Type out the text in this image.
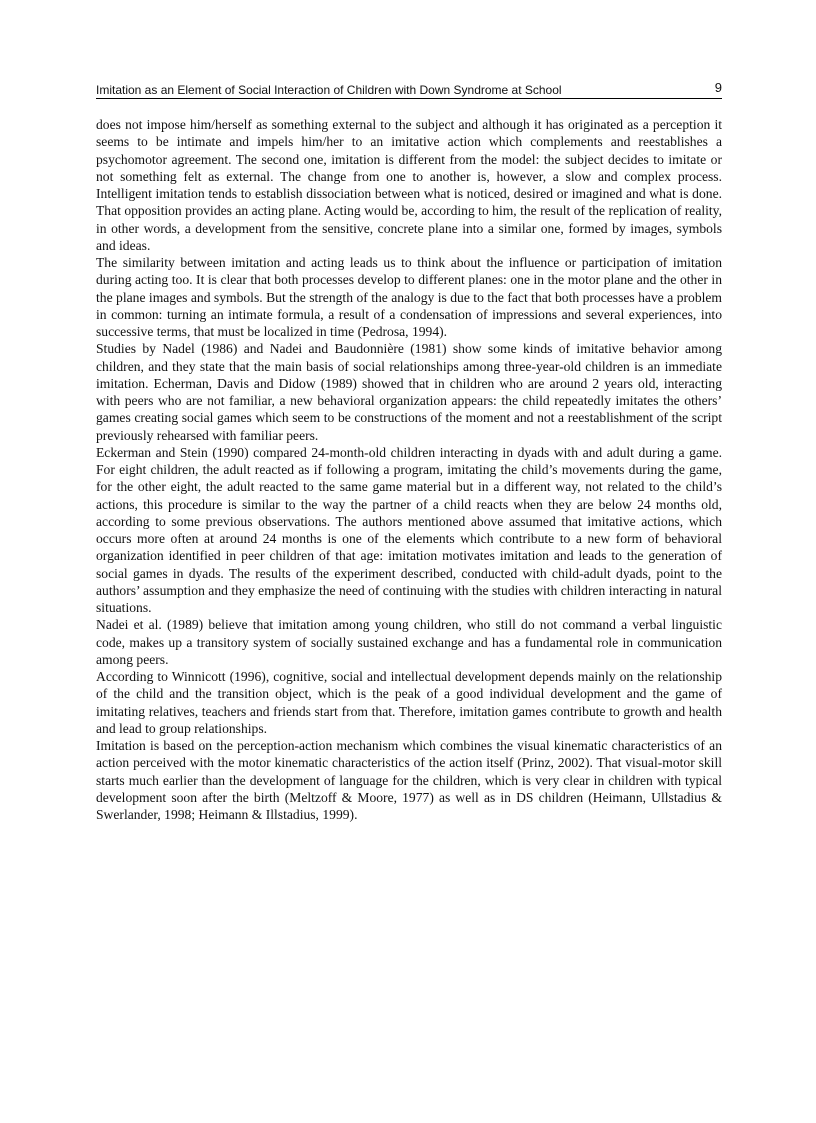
Imitation as an Element of Social Interaction of Children with Down Syndrome at School	9

does not impose him/herself as something external to the subject and although it has originated as a perception it seems to be intimate and impels him/her to an imitative action which complements and reestablishes a psychomotor agreement. The second one, imitation is different from the model: the subject decides to imitate or not something felt as external. The change from one to another is, however, a slow and complex process. Intelligent imitation tends to establish dissociation between what is noticed, desired or imagined and what is done. That opposition provides an acting plane. Acting would be, according to him, the result of the replication of reality, in other words, a development from the sensitive, concrete plane into a similar one, formed by images, symbols and ideas.

The similarity between imitation and acting leads us to think about the influence or participation of imitation during acting too. It is clear that both processes develop to different planes: one in the motor plane and the other in the plane images and symbols. But the strength of the analogy is due to the fact that both processes have a problem in common: turning an intimate formula, a result of a condensation of impressions and several experiences, into successive terms, that must be localized in time (Pedrosa, 1994).

Studies by Nadel (1986) and Nadei and Baudonnière (1981) show some kinds of imitative behavior among children, and they state that the main basis of social relationships among three-year-old children is an immediate imitation. Echerman, Davis and Didow (1989) showed that in children who are around 2 years old, interacting with peers who are not familiar, a new behavioral organization appears: the child repeatedly imitates the others’ games creating social games which seem to be constructions of the moment and not a reestablishment of the script previously rehearsed with familiar peers.

Eckerman and Stein (1990) compared 24-month-old children interacting in dyads with and adult during a game. For eight children, the adult reacted as if following a program, imitating the child’s movements during the game, for the other eight, the adult reacted to the same game material but in a different way, not related to the child’s actions, this procedure is similar to the way the partner of a child reacts when they are below 24 months old, according to some previous observations. The authors mentioned above assumed that imitative actions, which occurs more often at around 24 months is one of the elements which contribute to a new form of behavioral organization identified in peer children of that age: imitation motivates imitation and leads to the generation of social games in dyads. The results of the experiment described, conducted with child-adult dyads, point to the authors’ assumption and they emphasize the need of continuing with the studies with children interacting in natural situations.

Nadei et al. (1989) believe that imitation among young children, who still do not command a verbal linguistic code, makes up a transitory system of socially sustained exchange and has a fundamental role in communication among peers.

According to Winnicott (1996), cognitive, social and intellectual development depends mainly on the relationship of the child and the transition object, which is the peak of a good individual development and the game of imitating relatives, teachers and friends start from that. Therefore, imitation games contribute to growth and health and lead to group relationships.

Imitation is based on the perception-action mechanism which combines the visual kinematic characteristics of an action perceived with the motor kinematic characteristics of the action itself (Prinz, 2002). That visual-motor skill starts much earlier than the development of language for the children, which is very clear in children with typical development soon after the birth (Meltzoff & Moore, 1977) as well as in DS children (Heimann, Ullstadius & Swerlander, 1998; Heimann & Illstadius, 1999).
